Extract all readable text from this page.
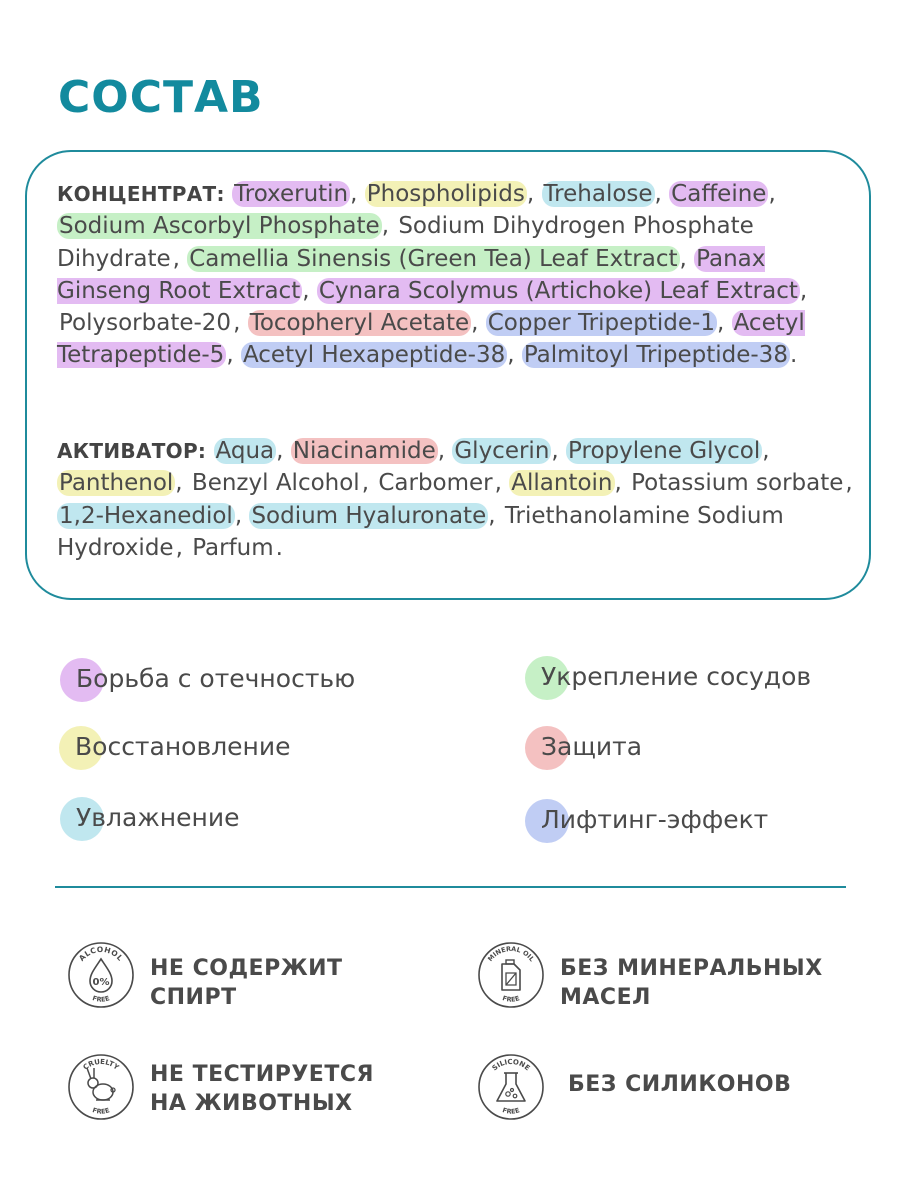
СОСТАВ
КОНЦЕНТРАТ: Troxerutin, Phospholipids, Trehalose, Caffeine, Sodium Ascorbyl Phosphate, Sodium Dihydrogen Phosphate Dihydrate, Camellia Sinensis (Green Tea) Leaf Extract, Panax Ginseng Root Extract, Cynara Scolymus (Artichoke) Leaf Extract, Polysorbate-20, Tocopheryl Acetate, Copper Tripeptide-1, Acetyl Tetrapeptide-5, Acetyl Hexapeptide-38, Palmitoyl Tripeptide-38.
АКТИВАТОР: Aqua, Niacinamide, Glycerin, Propylene Glycol, Panthenol, Benzyl Alcohol, Carbomer, Allantoin, Potassium sorbate, 1,2-Hexanediol, Sodium Hyaluronate, Triethanolamine Sodium Hydroxide, Parfum.
Борьба с отечностью	Укрепление сосудов
Восстановление	Защита
Увлажнение	Лифтинг-эффект
ALCOHOL
FREE
0%
НЕ СОДЕРЖИТ
СПИРТ
MINERAL OIL
FREE
БЕЗ МИНЕРАЛЬНЫХ
МАСЕЛ
CRUELTY
FREE
НЕ ТЕСТИРУЕТСЯ
НА ЖИВОТНЫХ
SILICONE
FREE
БЕЗ СИЛИКОНОВ
